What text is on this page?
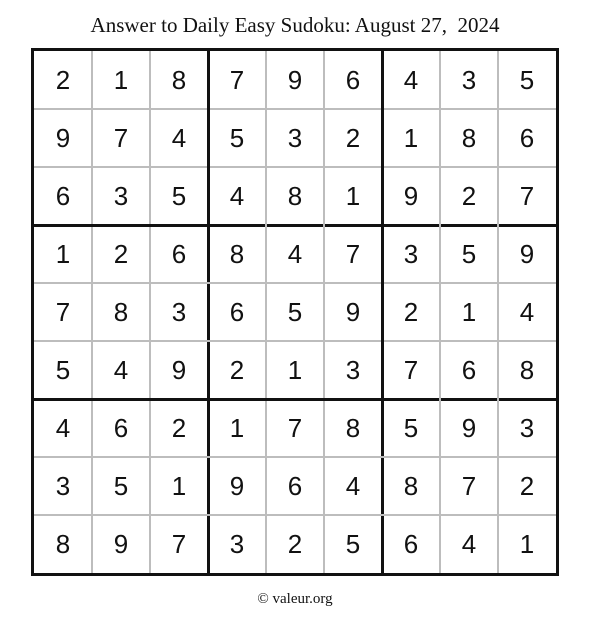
Answer to Daily Easy Sudoku: August 27,  2024
2	1	8	7	9	6	4	3	5
9	7	4	5	3	2	1	8	6
6	3	5	4	8	1	9	2	7
1	2	6	8	4	7	3	5	9
7	8	3	6	5	9	2	1	4
5	4	9	2	1	3	7	6	8
4	6	2	1	7	8	5	9	3
3	5	1	9	6	4	8	7	2
8	9	7	3	2	5	6	4	1
© valeur.org
